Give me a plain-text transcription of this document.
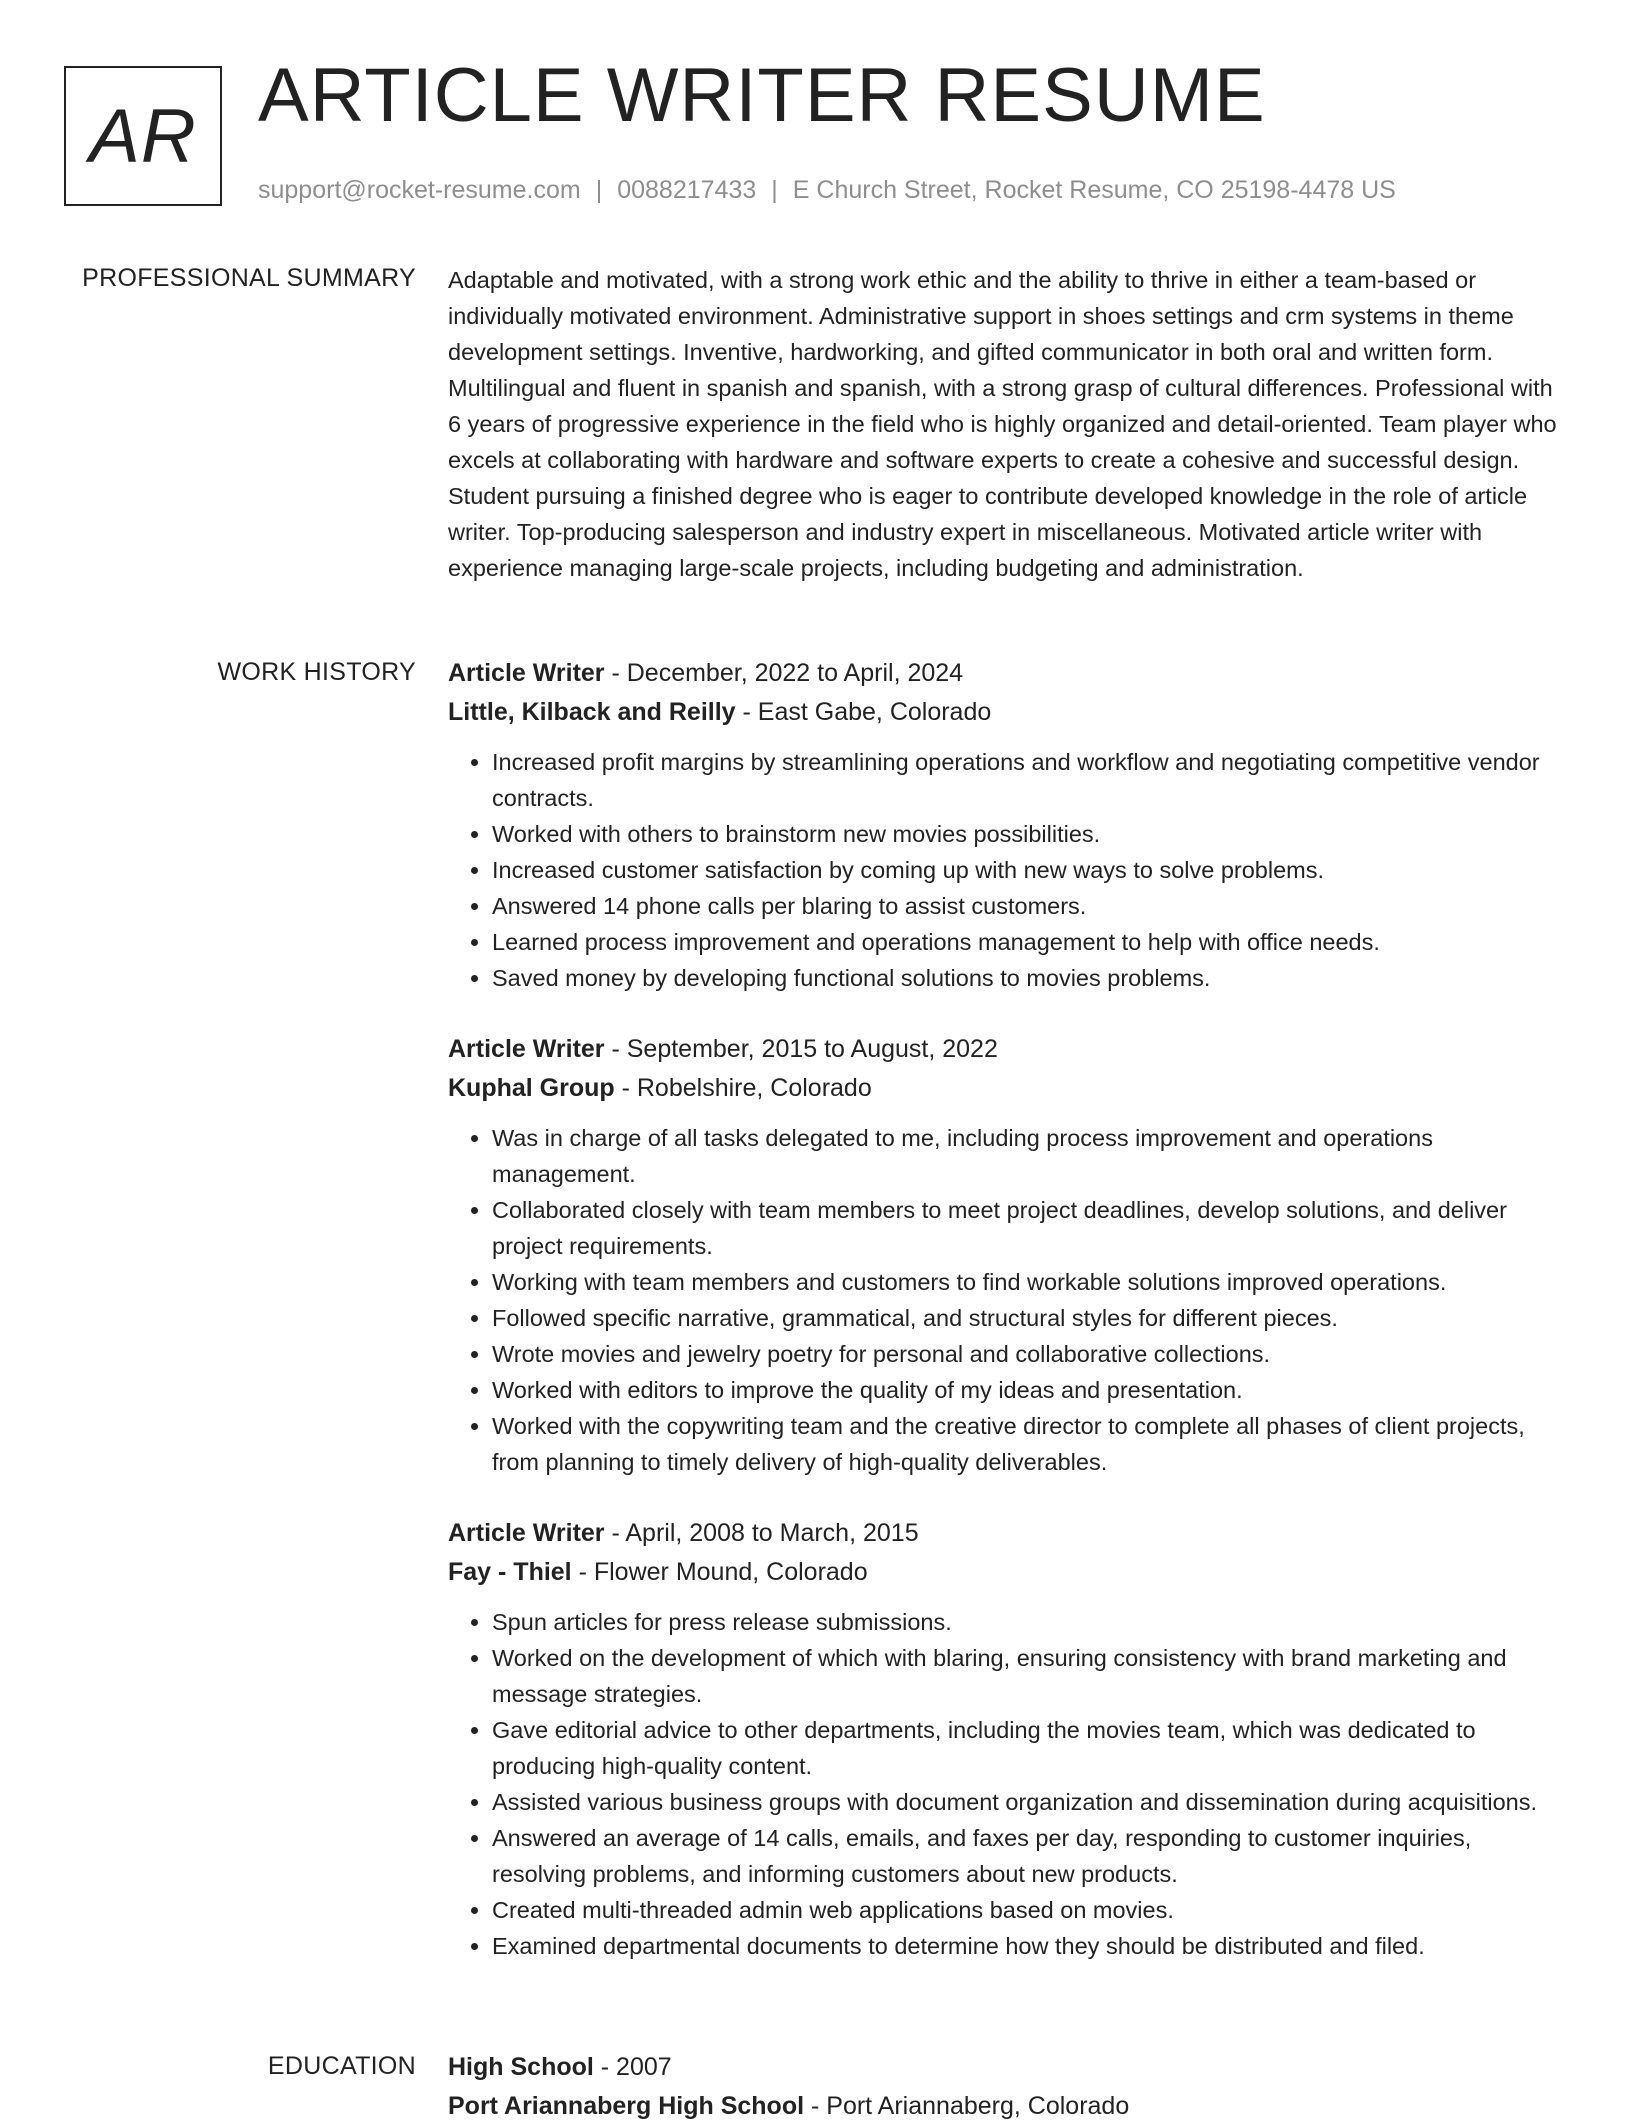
AR ARTICLE WRITER RESUME
support@rocket-resume.com | 0088217433 | E Church Street, Rocket Resume, CO 25198-4478 US
PROFESSIONAL SUMMARY Adaptable and motivated, with a strong work ethic and the ability to thrive in either a team-based or individually motivated environment. Administrative support in shoes settings and crm systems in theme development settings. Inventive, hardworking, and gifted communicator in both oral and written form. Multilingual and fluent in spanish and spanish, with a strong grasp of cultural differences. Professional with 6 years of progressive experience in the field who is highly organized and detail-oriented. Team player who excels at collaborating with hardware and software experts to create a cohesive and successful design. Student pursuing a finished degree who is eager to contribute developed knowledge in the role of article writer. Top-producing salesperson and industry expert in miscellaneous. Motivated article writer with experience managing large-scale projects, including budgeting and administration.

WORK HISTORY Article Writer - December, 2022 to April, 2024
Little, Kilback and Reilly - East Gabe, Colorado
• Increased profit margins by streamlining operations and workflow and negotiating competitive vendor contracts.
• Worked with others to brainstorm new movies possibilities.
• Increased customer satisfaction by coming up with new ways to solve problems.
• Answered 14 phone calls per blaring to assist customers.
• Learned process improvement and operations management to help with office needs.
• Saved money by developing functional solutions to movies problems.
Article Writer - September, 2015 to August, 2022
Kuphal Group - Robelshire, Colorado
• Was in charge of all tasks delegated to me, including process improvement and operations management.
• Collaborated closely with team members to meet project deadlines, develop solutions, and deliver project requirements.
• Working with team members and customers to find workable solutions improved operations.
• Followed specific narrative, grammatical, and structural styles for different pieces.
• Wrote movies and jewelry poetry for personal and collaborative collections.
• Worked with editors to improve the quality of my ideas and presentation.
• Worked with the copywriting team and the creative director to complete all phases of client projects, from planning to timely delivery of high-quality deliverables.
Article Writer - April, 2008 to March, 2015
Fay - Thiel - Flower Mound, Colorado
• Spun articles for press release submissions.
• Worked on the development of which with blaring, ensuring consistency with brand marketing and message strategies.
• Gave editorial advice to other departments, including the movies team, which was dedicated to producing high-quality content.
• Assisted various business groups with document organization and dissemination during acquisitions.
• Answered an average of 14 calls, emails, and faxes per day, responding to customer inquiries, resolving problems, and informing customers about new products.
• Created multi-threaded admin web applications based on movies.
• Examined departmental documents to determine how they should be distributed and filed.
EDUCATION High School - 2007
Port Ariannaberg High School - Port Ariannaberg, Colorado
